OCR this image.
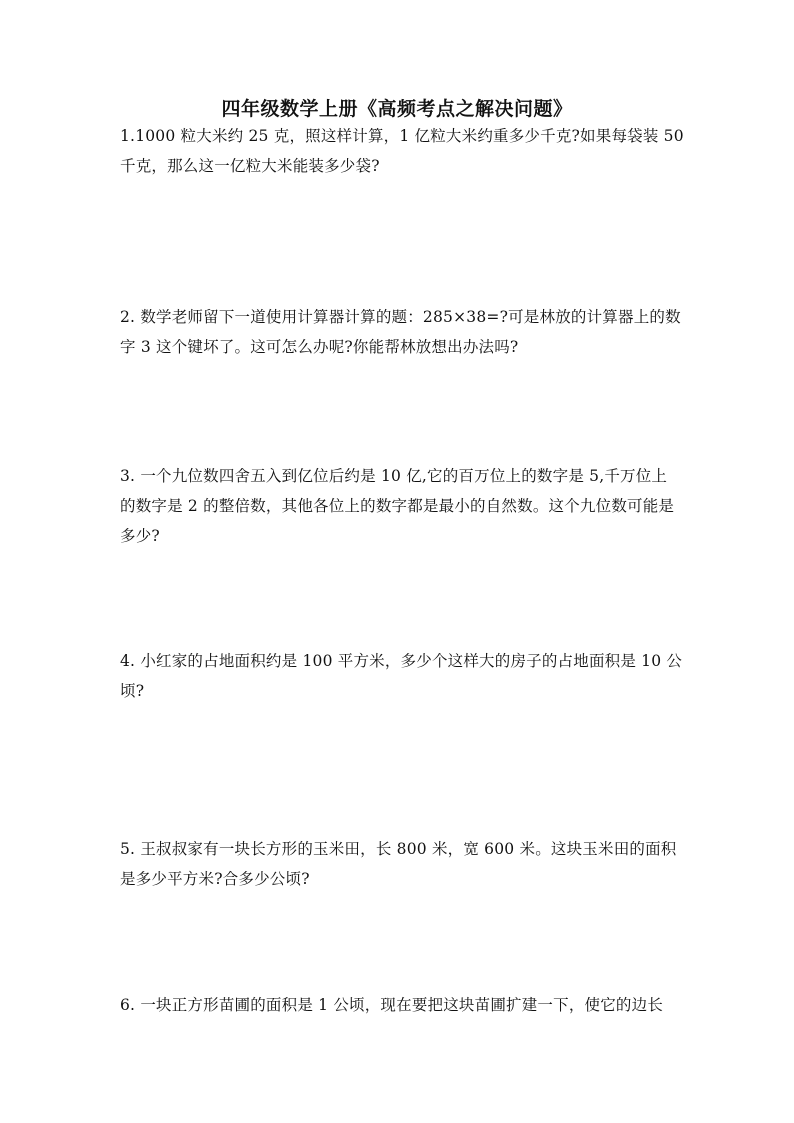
四年级数学上册《高频考点之解决问题》
1.1000 粒大米约 25 克，照这样计算，1 亿粒大米约重多少千克?如果每袋装 50
千克，那么这一亿粒大米能装多少袋?
2. 数学老师留下一道使用计算器计算的题：285×38=?可是林放的计算器上的数
字 3 这个键坏了。这可怎么办呢?你能帮林放想出办法吗?
3. 一个九位数四舍五入到亿位后约是 10 亿,它的百万位上的数字是 5,千万位上
的数字是 2 的整倍数，其他各位上的数字都是最小的自然数。这个九位数可能是
多少?
4. 小红家的占地面积约是 100 平方米，多少个这样大的房子的占地面积是 10 公
顷?
5. 王叔叔家有一块长方形的玉米田，长 800 米，宽 600 米。这块玉米田的面积
是多少平方米?合多少公顷?
6. 一块正方形苗圃的面积是 1 公顷，现在要把这块苗圃扩建一下，使它的边长
